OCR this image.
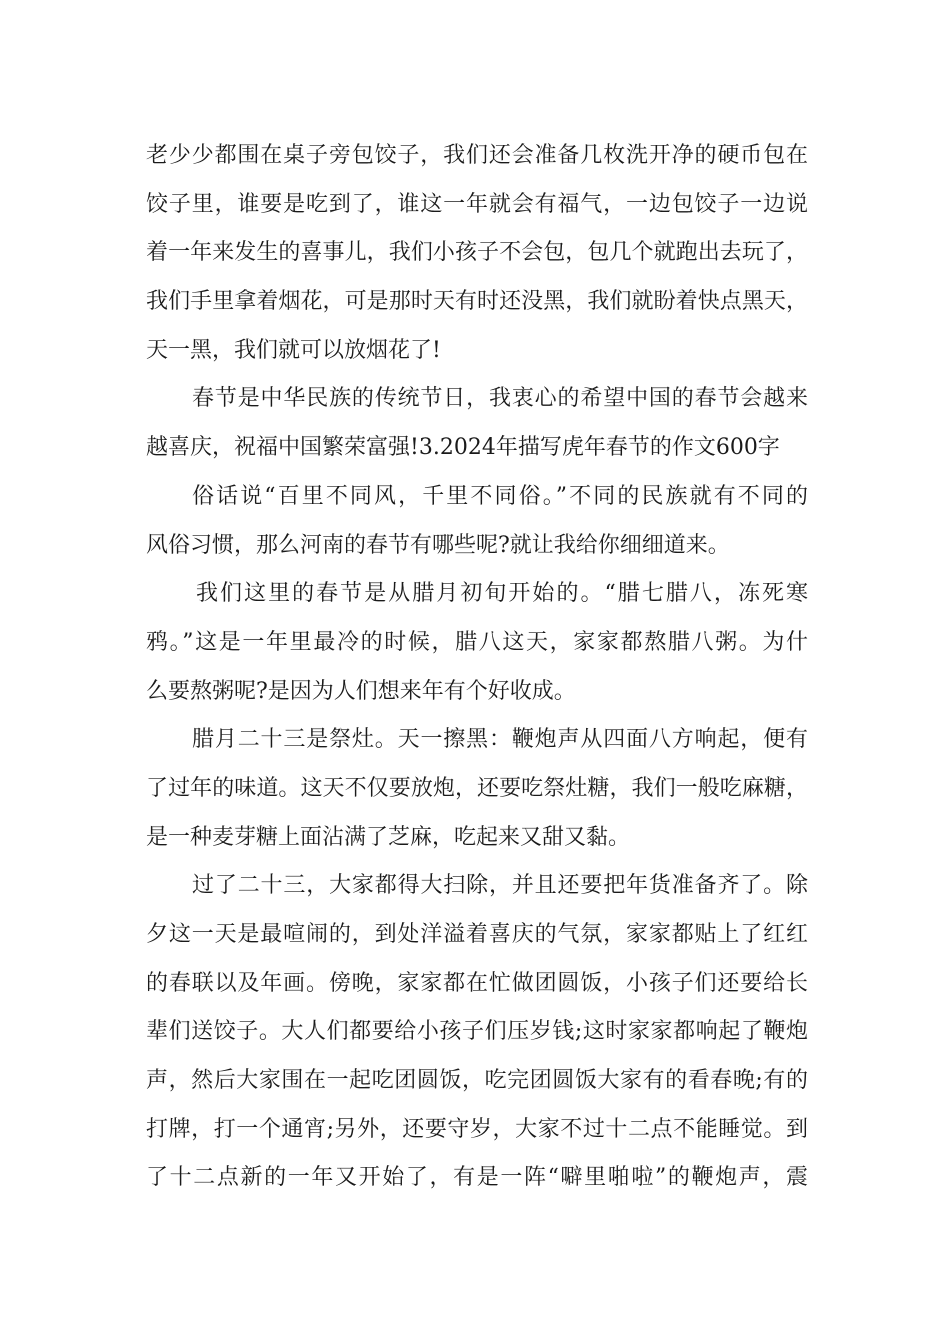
老少少都围在桌子旁包饺子，我们还会准备几枚洗开净的硬币包在
饺子里，谁要是吃到了，谁这一年就会有福气，一边包饺子一边说
着一年来发生的喜事儿，我们小孩子不会包，包几个就跑出去玩了，
我们手里拿着烟花，可是那时天有时还没黑，我们就盼着快点黑天，
天一黑，我们就可以放烟花了!
春节是中华民族的传统节日，我衷心的希望中国的春节会越来
越喜庆，祝福中国繁荣富强!3.2024年描写虎年春节的作文600字
俗话说“百里不同风，千里不同俗。”不同的民族就有不同的
风俗习惯，那么河南的春节有哪些呢?就让我给你细细道来。
我们这里的春节是从腊月初旬开始的。“腊七腊八，冻死寒
鸦。”这是一年里最冷的时候，腊八这天，家家都熬腊八粥。为什
么要熬粥呢?是因为人们想来年有个好收成。
腊月二十三是祭灶。天一擦黑：鞭炮声从四面八方响起，便有
了过年的味道。这天不仅要放炮，还要吃祭灶糖，我们一般吃麻糖，
是一种麦芽糖上面沾满了芝麻，吃起来又甜又黏。
过了二十三，大家都得大扫除，并且还要把年货准备齐了。除
夕这一天是最喧闹的，到处洋溢着喜庆的气氛，家家都贴上了红红
的春联以及年画。傍晚，家家都在忙做团圆饭，小孩子们还要给长
辈们送饺子。大人们都要给小孩子们压岁钱;这时家家都响起了鞭炮
声，然后大家围在一起吃团圆饭，吃完团圆饭大家有的看春晚;有的
打牌，打一个通宵;另外，还要守岁，大家不过十二点不能睡觉。到
了十二点新的一年又开始了，有是一阵“噼里啪啦”的鞭炮声，震
